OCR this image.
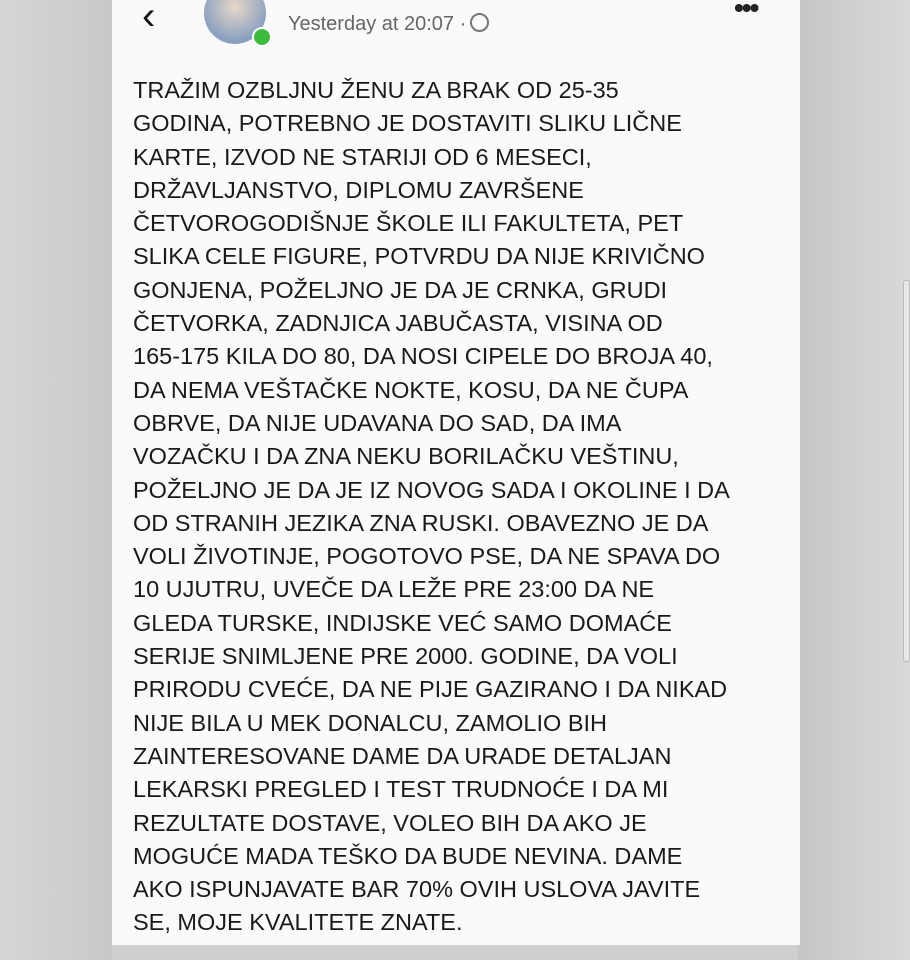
‹	Yesterday at 20:07 ·
•••
TRAŽIM OZBLJNU ŽENU ZA BRAK OD 25-35
GODINA, POTREBNO JE DOSTAVITI SLIKU LIČNE
KARTE, IZVOD NE STARIJI OD 6 MESECI,
DRŽAVLJANSTVO, DIPLOMU ZAVRŠENE
ČETVOROGODIŠNJE ŠKOLE ILI FAKULTETA, PET
SLIKA CELE FIGURE, POTVRDU DA NIJE KRIVIČNO
GONJENA, POŽELJNO JE DA JE CRNKA, GRUDI
ČETVORKA, ZADNJICA JABUČASTA, VISINA OD
165-175 KILA DO 80, DA NOSI CIPELE DO BROJA 40,
DA NEMA VEŠTAČKE NOKTE, KOSU, DA NE ČUPA
OBRVE, DA NIJE UDAVANA DO SAD, DA IMA
VOZAČKU I DA ZNA NEKU BORILAČKU VEŠTINU,
POŽELJNO JE DA JE IZ NOVOG SADA I OKOLINE I DA
OD STRANIH JEZIKA ZNA RUSKI. OBAVEZNO JE DA
VOLI ŽIVOTINJE, POGOTOVO PSE, DA NE SPAVA DO
10 UJUTRU, UVEČE DA LEŽE PRE 23:00 DA NE
GLEDA TURSKE, INDIJSKE VEĆ SAMO DOMAĆE
SERIJE SNIMLJENE PRE 2000. GODINE, DA VOLI
PRIRODU CVEĆE, DA NE PIJE GAZIRANO I DA NIKAD
NIJE BILA U MEK DONALCU, ZAMOLIO BIH
ZAINTERESOVANE DAME DA URADE DETALJAN
LEKARSKI PREGLED I TEST TRUDNOĆE I DA MI
REZULTATE DOSTAVE, VOLEO BIH DA AKO JE
MOGUĆE MADA TEŠKO DA BUDE NEVINA. DAME
AKO ISPUNJAVATE BAR 70% OVIH USLOVA JAVITE
SE, MOJE KVALITETE ZNATE.
